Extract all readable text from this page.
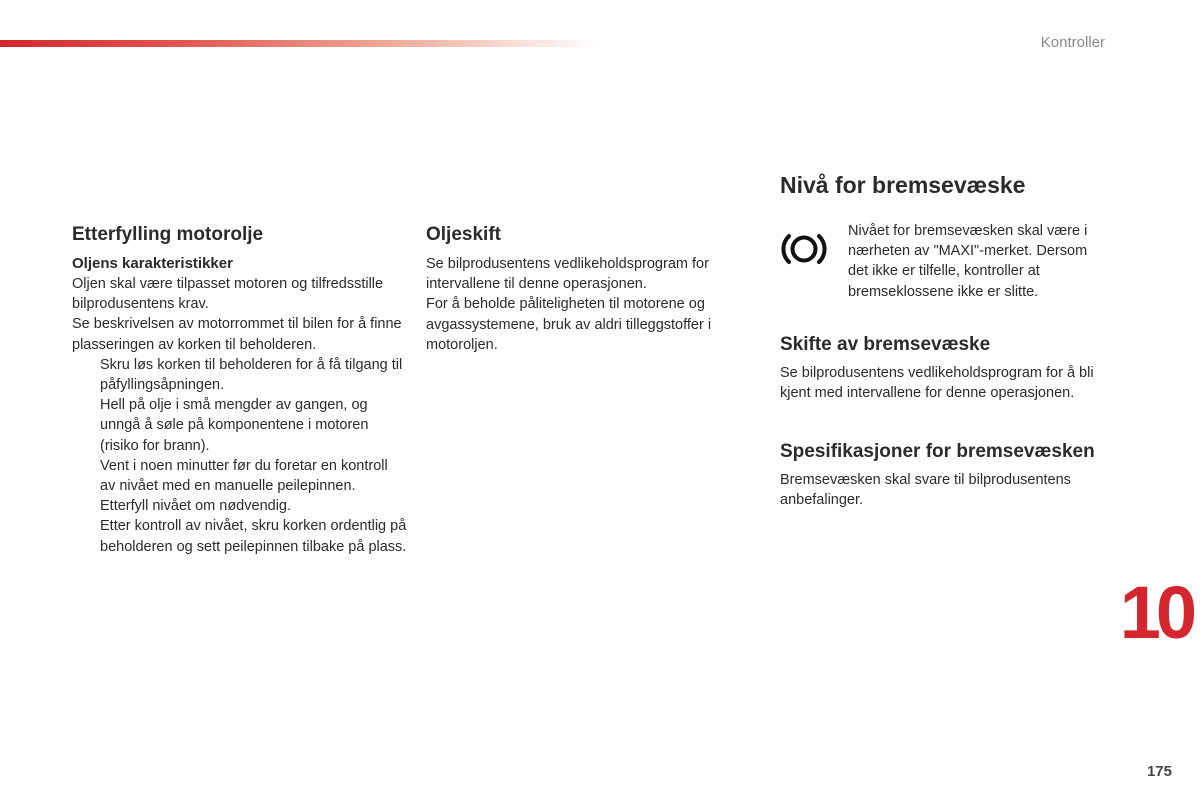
Kontroller
Etterfylling motorolje
Oljens karakteristikker

Oljen skal være tilpasset motoren og tilfredsstille bilprodusentens krav.

Se beskrivelsen av motorrommet til bilen for å finne plasseringen av korken til beholderen.

Skru løs korken til beholderen for å få tilgang til påfyllingsåpningen.
Hell på olje i små mengder av gangen, og unngå å søle på komponentene i motoren (risiko for brann).
Vent i noen minutter før du foretar en kontroll av nivået med en manuelle peilepinnen.
Etterfyll nivået om nødvendig.
Etter kontroll av nivået, skru korken ordentlig på beholderen og sett peilepinnen tilbake på plass.
Oljeskift

Se bilprodusentens vedlikeholdsprogram for intervallene til denne operasjonen.

For å beholde påliteligheten til motorene og avgassystemene, bruk av aldri tilleggstoffer i motoroljen.

Nivå for bremsevæske

Nivået for bremsevæsken skal være i nærheten av "MAXI"-merket. Dersom det ikke er tilfelle, kontroller at bremseklossene ikke er slitte.

Skifte av bremsevæske

Se bilprodusentens vedlikeholdsprogram for å bli kjent med intervallene for denne operasjonen.

Spesifikasjoner for bremsevæsken

Bremsevæsken skal svare til bilprodusentens anbefalinger.

10
175
